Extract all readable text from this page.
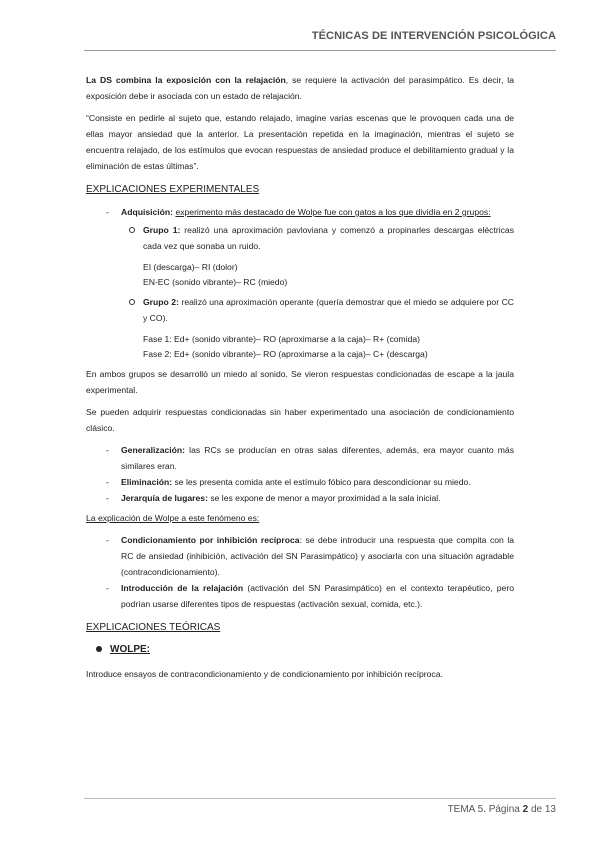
TÉCNICAS DE INTERVENCIÓN PSICOLÓGICA

La DS combina la exposición con la relajación, se requiere la activación del parasimpático. Es decir, la exposición debe ir asociada con un estado de relajación.

“Consiste en pedirle al sujeto que, estando relajado, imagine varias escenas que le provoquen cada una de ellas mayor ansiedad que la anterior. La presentación repetida en la imaginación, mientras el sujeto se encuentra relajado, de los estímulos que evocan respuestas de ansiedad produce el debilitamiento gradual y la eliminación de estas últimas”.

EXPLICACIONES EXPERIMENTALES
- Adquisición: experimento más destacado de Wolpe fue con gatos a los que dividía en 2 grupos:
Grupo 1: realizó una aproximación pavloviana y comenzó a propinarles descargas eléctricas cada vez que sonaba un ruido.
EI (descarga)– RI (dolor)
EN-EC (sonido vibrante)– RC (miedo)
Grupo 2: realizó una aproximación operante (quería demostrar que el miedo se adquiere por CC y CO).
Fase 1: Ed+ (sonido vibrante)– RO (aproximarse a la caja)– R+ (comida)
Fase 2: Ed+ (sonido vibrante)– RO (aproximarse a la caja)– C+ (descarga)

En ambos grupos se desarrolló un miedo al sonido. Se vieron respuestas condicionadas de escape a la jaula experimental.

Se pueden adquirir respuestas condicionadas sin haber experimentado una asociación de condicionamiento clásico.

- Generalización: las RCs se producían en otras salas diferentes, además, era mayor cuanto más similares eran.
- Eliminación: se les presenta comida ante el estímulo fóbico para descondicionar su miedo.
- Jerarquía de lugares: se les expone de menor a mayor proximidad a la sala inicial.

La explicación de Wolpe a este fenómeno es:

- Condicionamiento por inhibición recíproca: se debe introducir una respuesta que compita con la RC de ansiedad (inhibición, activación del SN Parasimpático) y asociarla con una situación agradable (contracondicionamiento).
- Introducción de la relajación (activación del SN Parasimpático) en el contexto terapéutico, pero podrían usarse diferentes tipos de respuestas (activación sexual, comida, etc.).
EXPLICACIONES TEÓRICAS
WOLPE:

Introduce ensayos de contracondicionamiento y de condicionamiento por inhibición recíproca.

TEMA 5. Página 2 de 13
